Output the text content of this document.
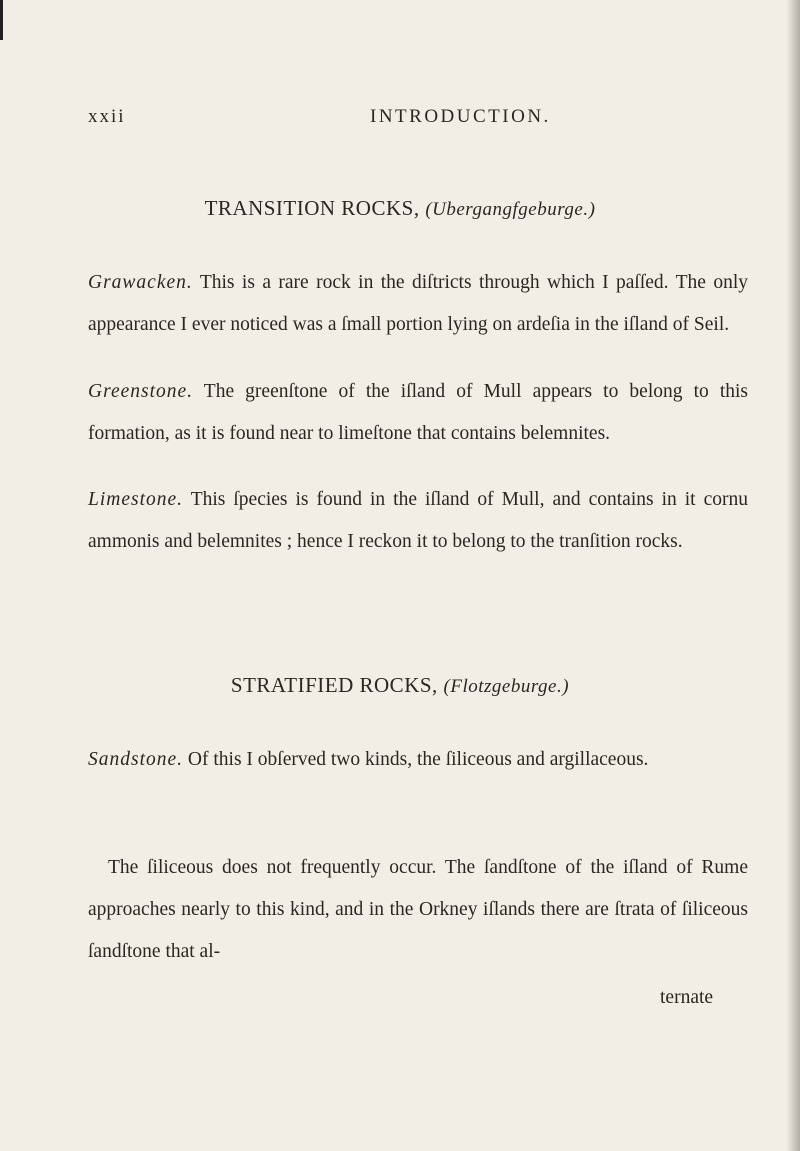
xxii	INTRODUCTION.
TRANSITION ROCKS, (Ubergangfgeburge.)
Grawacken. This is a rare rock in the diſtricts through which I paſſed. The only appearance I ever noticed was a ſmall portion lying on ardeſia in the iſland of Seil.
Greenstone. The greenſtone of the iſland of Mull appears to belong to this formation, as it is found near to limeſtone that contains belemnites.
Limestone. This ſpecies is found in the iſland of Mull, and contains in it cornu ammonis and belemnites ; hence I reckon it to belong to the tranſition rocks.
STRATIFIED ROCKS, (Flotzgeburge.)
Sandstone. Of this I obſerved two kinds, the ſiliceous and argillaceous.
The ſiliceous does not frequently occur. The ſandſtone of the iſland of Rume approaches nearly to this kind, and in the Orkney iſlands there are ſtrata of ſiliceous ſandſtone that al-
ternate
